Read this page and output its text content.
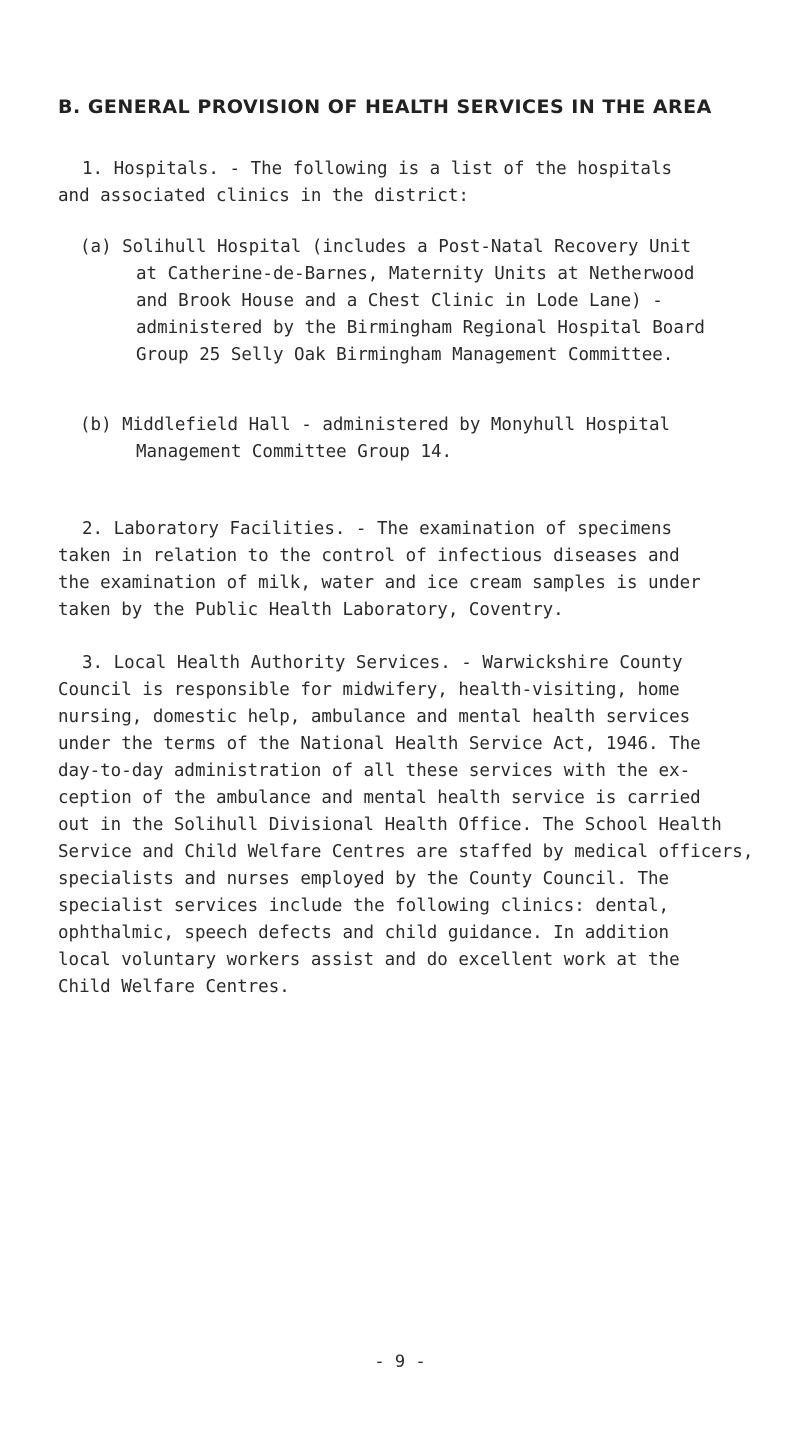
B. GENERAL PROVISION OF HEALTH SERVICES IN THE AREA
1. Hospitals. - The following is a list of the hospitals
and associated clinics in the district:
(a) Solihull Hospital (includes a Post-Natal Recovery Unit
at Catherine-de-Barnes, Maternity Units at Netherwood
and Brook House and a Chest Clinic in Lode Lane) -
administered by the Birmingham Regional Hospital Board
Group 25 Selly Oak Birmingham Management Committee.
(b) Middlefield Hall - administered by Monyhull Hospital
Management Committee Group 14.
2. Laboratory Facilities. - The examination of specimens
taken in relation to the control of infectious diseases and
the examination of milk, water and ice cream samples is under
taken by the Public Health Laboratory, Coventry.
3. Local Health Authority Services. - Warwickshire County
Council is responsible for midwifery, health-visiting, home
nursing, domestic help, ambulance and mental health services
under the terms of the National Health Service Act, 1946. The
day-to-day administration of all these services with the ex-
ception of the ambulance and mental health service is carried
out in the Solihull Divisional Health Office. The School Health
Service and Child Welfare Centres are staffed by medical officers,
specialists and nurses employed by the County Council. The
specialist services include the following clinics: dental,
ophthalmic, speech defects and child guidance. In addition
local voluntary workers assist and do excellent work at the
Child Welfare Centres.
- 9 -
